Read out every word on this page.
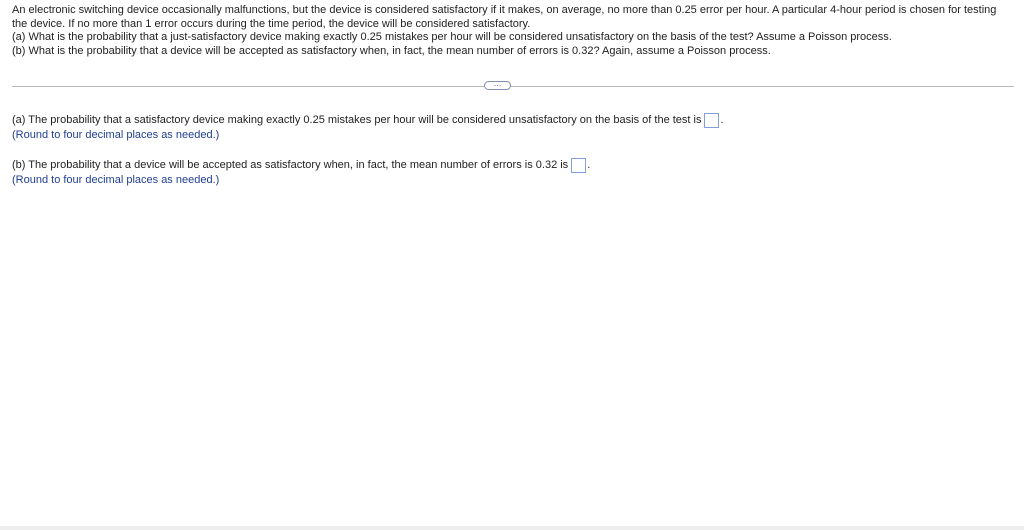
An electronic switching device occasionally malfunctions, but the device is considered satisfactory if it makes, on average, no more than 0.25 error per hour. A particular 4-hour period is chosen for testing the device. If no more than 1 error occurs during the time period, the device will be considered satisfactory.

(a) What is the probability that a just-satisfactory device making exactly 0.25 mistakes per hour will be considered unsatisfactory on the basis of the test? Assume a Poisson process.

(b) What is the probability that a device will be accepted as satisfactory when, in fact, the mean number of errors is 0.32? Again, assume a Poisson process.

…
(a) The probability that a satisfactory device making exactly 0.25 mistakes per hour will be considered unsatisfactory on the basis of the test is .
(Round to four decimal places as needed.)
(b) The probability that a device will be accepted as satisfactory when, in fact, the mean number of errors is 0.32 is .
(Round to four decimal places as needed.)
